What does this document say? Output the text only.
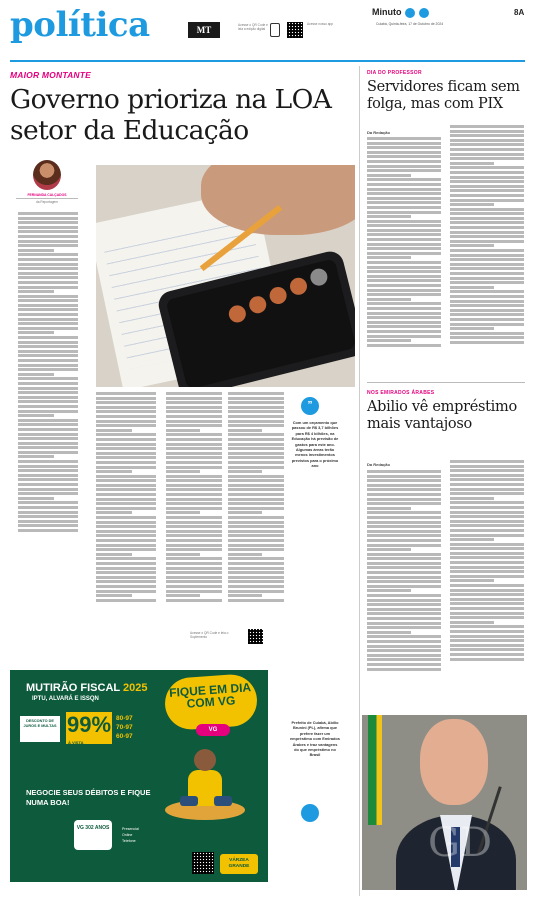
política	MT	Acesse o QR Code e leia a edição digital
Acesse nosso app
Minuto	8A
Cuiabá, Quinta-feira, 17 de Outubro de 2024
MAIOR MONTANTE
Governo prioriza na LOA setor da Educação
FERNANDA CALÇADOS
da Reportagem
”
Com um orçamento que passou de R$ 3,7 bilhões para R$ 4 bilhões, na Educação há previsão de gastos para este ano. Algumas áreas terão menos investimentos previstos para o próximo ano
Acesse o QR Code e leia o Suplemento
DIA DO PROFESSOR
Servidores ficam sem folga, mas com PIX
Da Redação
NOS EMIRADOS ÁRABES
Abilio vê empréstimo mais vantajoso
Da Redação
MUTIRÃO FISCAL 2025
IPTU, ALVARÁ E ISSQN
DESCONTO DE JUROS E MULTAS 99%
À VISTA
80-97
70-97
60-97
FIQUE EM DIA COM VG
VG
NEGOCIE SEUS DÉBITOS E FIQUE NUMA BOA!
VG 302 ANOS	Presencial
Online
Telefone
VÁRZEA GRANDE
Prefeito de Cuiabá, Abílio Brunini (PL), afirma que prefere fazer um empréstimo com Emirados Árabes e traz vantagens do que empréstimo no Brasil
GD
